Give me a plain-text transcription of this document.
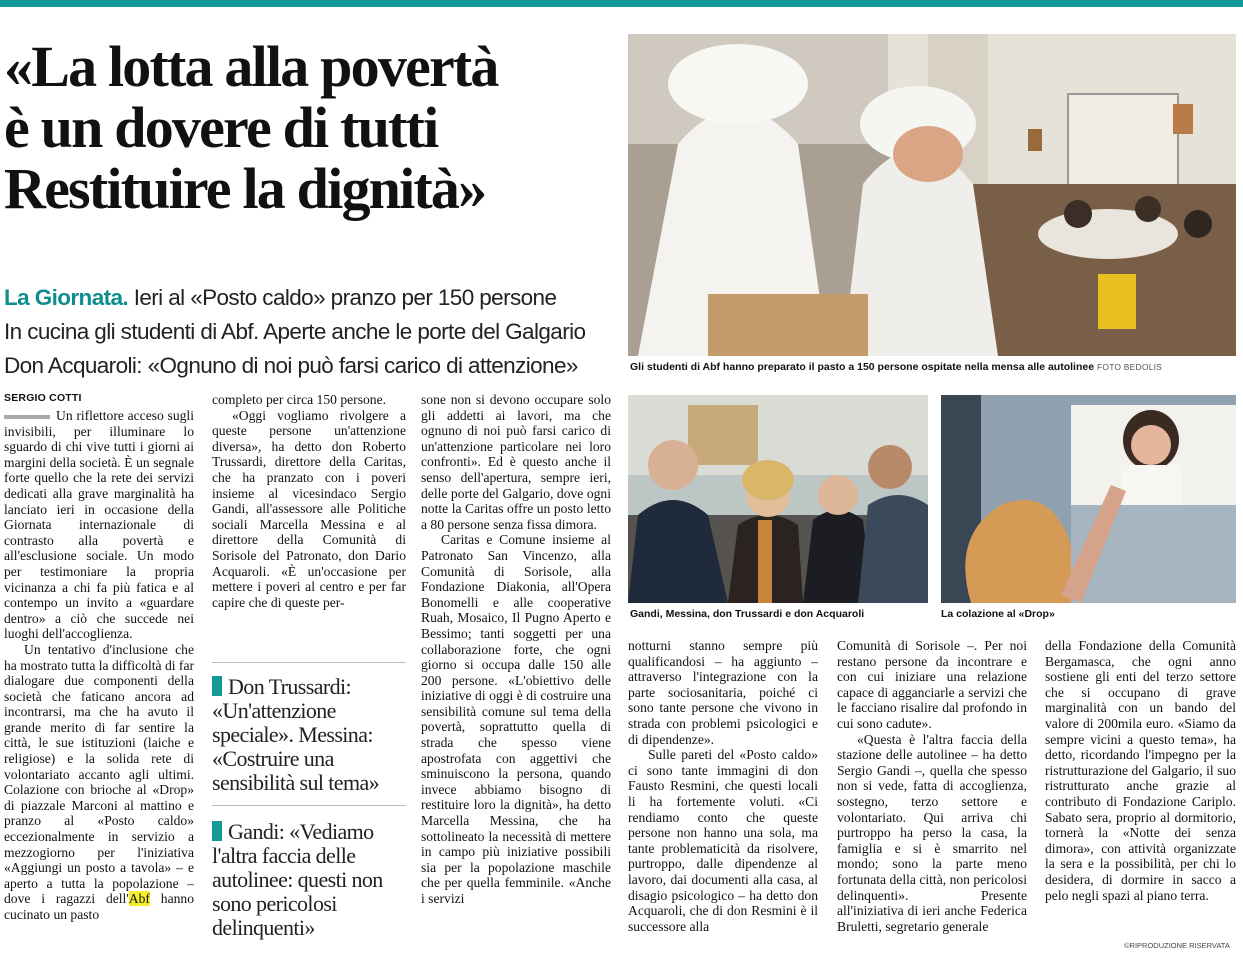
«La lotta alla povertà
è un dovere di tutti
Restituire la dignità»
La Giornata. Ieri al «Posto caldo» pranzo per 150 persone
In cucina gli studenti di Abf. Aperte anche le porte del Galgario
Don Acquaroli: «Ognuno di noi può farsi carico di attenzione»
SERGIO COTTI

Un riflettore acceso sugli invisibili, per illuminare lo sguardo di chi vive tutti i giorni ai margini della società. È un segnale forte quello che la rete dei servizi dedicati alla grave marginalità ha lanciato ieri in occasione della Giornata internazionale di contrasto alla povertà e all'esclusione sociale. Un modo per testimoniare la propria vicinanza a chi fa più fatica e al contempo un invito a «guardare dentro» a ciò che succede nei luoghi dell'accoglienza.

Un tentativo d'inclusione che ha mostrato tutta la difficoltà di far dialogare due componenti della società che faticano ancora ad incontrarsi, ma che ha avuto il grande merito di far sentire la città, le sue istituzioni (laiche e religiose) e la solida rete di volontariato accanto agli ultimi. Colazione con brioche al «Drop» di piazzale Marconi al mattino e pranzo al «Posto caldo» eccezionalmente in servizio a mezzogiorno per l'iniziativa «Aggiungi un posto a tavola» – e aperto a tutta la popolazione – dove i ragazzi dell'Abf hanno cucinato un pasto

completo per circa 150 persone.

«Oggi vogliamo rivolgere a queste persone un'attenzione diversa», ha detto don Roberto Trussardi, direttore della Caritas, che ha pranzato con i poveri insieme al vicesindaco Sergio Gandi, all'assessore alle Politiche sociali Marcella Messina e al direttore della Comunità di Sorisole del Patronato, don Dario Acquaroli. «È un'occasione per mettere i poveri al centro e per far capire che di queste per-

Don Trussardi: «Un'attenzione speciale». Messina: «Costruire una sensibilità sul tema»
Gandi: «Vediamo l'altra faccia delle autolinee: questi non sono pericolosi delinquenti»

sone non si devono occupare solo gli addetti ai lavori, ma che ognuno di noi può farsi carico di un'attenzione particolare nei loro confronti». Ed è questo anche il senso dell'apertura, sempre ieri, delle porte del Galgario, dove ogni notte la Caritas offre un posto letto a 80 persone senza fissa dimora.

Caritas e Comune insieme al Patronato San Vincenzo, alla Comunità di Sorisole, alla Fondazione Diakonia, all'Opera Bonomelli e alle cooperative Ruah, Mosaico, Il Pugno Aperto e Bessimo; tanti soggetti per una collaborazione forte, che ogni giorno si occupa dalle 150 alle 200 persone. «L'obiettivo delle iniziative di oggi è di costruire una sensibilità comune sul tema della povertà, soprattutto quella di strada che spesso viene apostrofata con aggettivi che sminuiscono la persona, quando invece abbiamo bisogno di restituire loro la dignità», ha detto Marcella Messina, che ha sottolineato la necessità di mettere in campo più iniziative possibili sia per la popolazione maschile che per quella femminile. «Anche i servizi

Gli studenti di Abf hanno preparato il pasto a 150 persone ospitate nella mensa alle autolinee FOTO BEDOLIS
Gandi, Messina, don Trussardi e don Acquaroli	La colazione al «Drop»

notturni stanno sempre più qualificandosi – ha aggiunto – attraverso l'integrazione con la parte sociosanitaria, poiché ci sono tante persone che vivono in strada con problemi psicologici e di dipendenze».

Sulle pareti del «Posto caldo» ci sono tante immagini di don Fausto Resmini, che questi locali li ha fortemente voluti. «Ci rendiamo conto che queste persone non hanno una sola, ma tante problematicità da risolvere, purtroppo, dalle dipendenze al lavoro, dai documenti alla casa, al disagio psicologico – ha detto don Acquaroli, che di don Resmini è il successore alla

Comunità di Sorisole –. Per noi restano persone da incontrare e con cui iniziare una relazione capace di agganciarle a servizi che le facciano risalire dal profondo in cui sono cadute».

«Questa è l'altra faccia della stazione delle autolinee – ha detto Sergio Gandi –, quella che spesso non si vede, fatta di accoglienza, sostegno, terzo settore e volontariato. Qui arriva chi purtroppo ha perso la casa, la famiglia e si è smarrito nel mondo; sono la parte meno fortunata della città, non pericolosi delinquenti». Presente all'iniziativa di ieri anche Federica Bruletti, segretario generale

della Fondazione della Comunità Bergamasca, che ogni anno sostiene gli enti del terzo settore che si occupano di grave marginalità con un bando del valore di 200mila euro. «Siamo da sempre vicini a questo tema», ha detto, ricordando l'impegno per la ristrutturazione del Galgario, il suo ristrutturato anche grazie al contributo di Fondazione Cariplo. Sabato sera, proprio al dormitorio, tornerà la «Notte dei senza dimora», con attività organizzate la sera e la possibilità, per chi lo desidera, di dormire in sacco a pelo negli spazi al piano terra.

©RIPRODUZIONE RISERVATA
